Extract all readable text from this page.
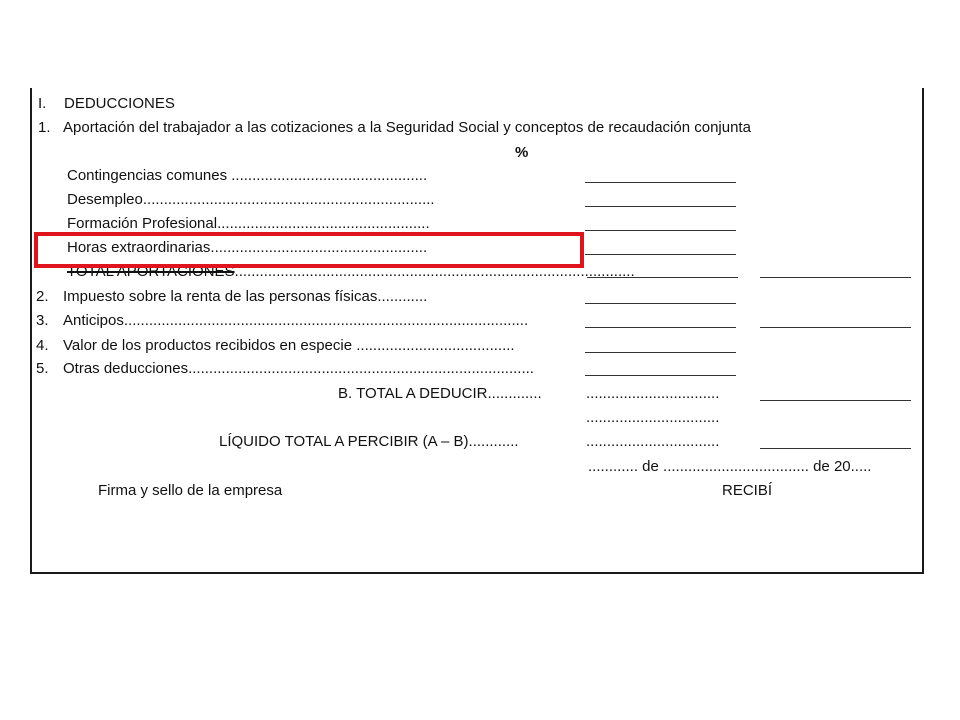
I. DEDUCCIONES
1. Aportación del trabajador a las cotizaciones a la Seguridad Social y conceptos de recaudación conjunta
%
Contingencias comunes ...............................................
Desempleo......................................................................
Formación Profesional...................................................
Horas extraordinarias....................................................
TOTAL APORTACIONES................................................................................................
2. Impuesto sobre la renta de las personas físicas............
3. Anticipos.................................................................................................
4. Valor de los productos recibidos en especie ......................................
5. Otras deducciones...................................................................................
B. TOTAL A DEDUCIR.............	................................
................................
LÍQUIDO TOTAL A PERCIBIR (A – B)............	................................
............ de ................................... de 20.....
Firma y sello de la empresa	RECIBÍ
